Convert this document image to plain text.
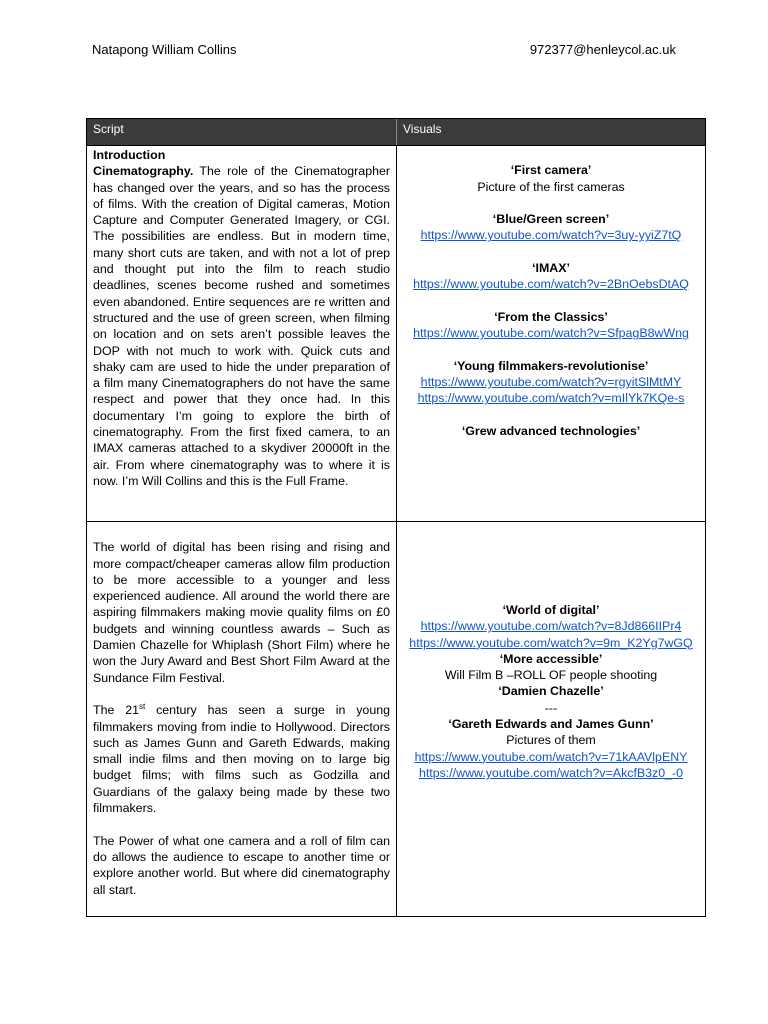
Natapong William Collins	972377@henleycol.ac.uk
Script	Visuals
Introduction

Cinematography. The role of the Cinematographer has changed over the years, and so has the process of films. With the creation of Digital cameras, Motion Capture and Computer Generated Imagery, or CGI. The possibilities are endless. But in modern time, many short cuts are taken, and with not a lot of prep and thought put into the film to reach studio deadlines, scenes become rushed and sometimes even abandoned. Entire sequences are re written and structured and the use of green screen, when filming on location and on sets aren’t possible leaves the DOP with not much to work with. Quick cuts and shaky cam are used to hide the under preparation of a film many Cinematographers do not have the same respect and power that they once had. In this documentary I’m going to explore the birth of cinematography. From the first fixed camera, to an IMAX cameras attached to a skydiver 20000ft in the air. From where cinematography was to where it is now. I’m Will Collins and this is the Full Frame.

‘First camera’
Picture of the first cameras
‘Blue/Green screen’
https://www.youtube.com/watch?v=3uy-yyiZ7tQ
‘IMAX’
https://www.youtube.com/watch?v=2BnOebsDtAQ
‘From the Classics’
https://www.youtube.com/watch?v=SfpagB8wWng
‘Young filmmakers-revolutionise’
https://www.youtube.com/watch?v=rgyitSlMtMY
https://www.youtube.com/watch?v=mIlYk7KQe-s
‘Grew advanced technologies’

The world of digital has been rising and rising and more compact/cheaper cameras allow film production to be more accessible to a younger and less experienced audience. All around the world there are aspiring filmmakers making movie quality films on £0 budgets and winning countless awards – Such as Damien Chazelle for Whiplash (Short Film) where he won the Jury Award and Best Short Film Award at the Sundance Film Festival.

The 21st century has seen a surge in young filmmakers moving from indie to Hollywood. Directors such as James Gunn and Gareth Edwards, making small indie films and then moving on to large big budget films; with films such as Godzilla and Guardians of the galaxy being made by these two filmmakers.

The Power of what one camera and a roll of film can do allows the audience to escape to another time or explore another world. But where did cinematography all start.

‘World of digital’
https://www.youtube.com/watch?v=8Jd866IIPr4
https://www.youtube.com/watch?v=9m_K2Yg7wGQ
‘More accessible’
Will Film B –ROLL OF people shooting
‘Damien Chazelle’
---
‘Gareth Edwards and James Gunn’
Pictures of them
https://www.youtube.com/watch?v=71kAAVlpENY
https://www.youtube.com/watch?v=AkcfB3z0_-0
